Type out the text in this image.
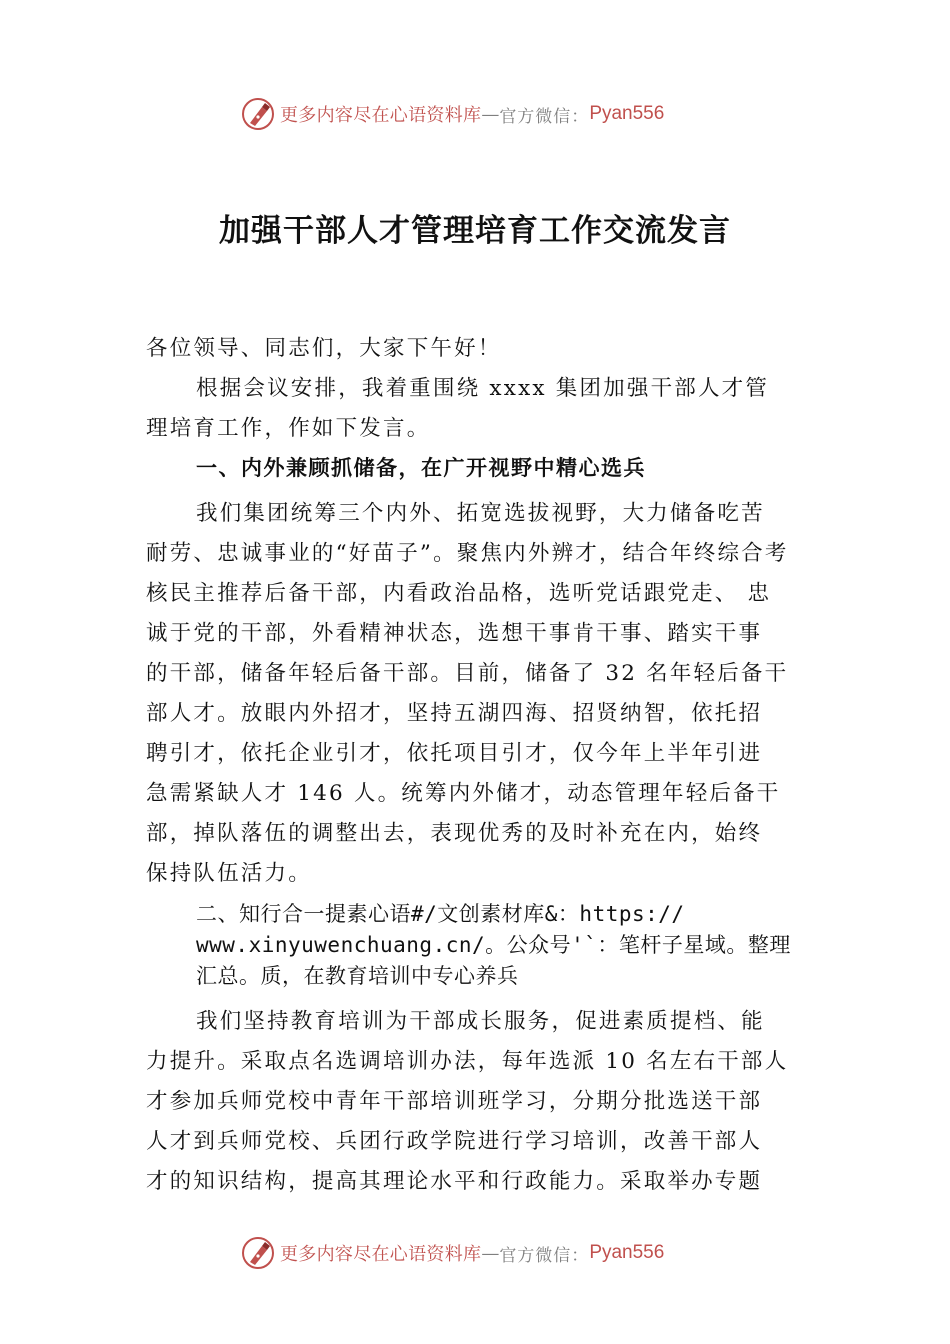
更多内容尽在心语资料库 — 官方微信： Pyan556
加强干部人才管理培育工作交流发言
各位领导、同志们，大家下午好！
根据会议安排，我着重围绕 xxxx 集团加强干部人才管
理培育工作，作如下发言。
一、内外兼顾抓储备，在广开视野中精心选兵
我们集团统筹三个内外、拓宽选拔视野，大力储备吃苦
耐劳、忠诚事业的“好苗子”。聚焦内外辨才，结合年终综合考
核民主推荐后备干部，内看政治品格，选听党话跟党走、 忠
诚于党的干部，外看精神状态，选想干事肯干事、踏实干事
的干部，储备年轻后备干部。目前，储备了 32 名年轻后备干
部人才。放眼内外招才，坚持五湖四海、招贤纳智，依托招
聘引才，依托企业引才，依托项目引才，仅今年上半年引进
急需紧缺人才 146 人。统筹内外储才，动态管理年轻后备干
部，掉队落伍的调整出去，表现优秀的及时补充在内，始终
保持队伍活力。
二、知行合一提素心语#/文创素材库&：https://
www.xinyuwenchuang.cn/。公众号'`：笔杆子星域。整理
汇总。质，在教育培训中专心养兵
我们坚持教育培训为干部成长服务，促进素质提档、能
力提升。采取点名选调培训办法，每年选派 10 名左右干部人
才参加兵师党校中青年干部培训班学习，分期分批选送干部
人才到兵师党校、兵团行政学院进行学习培训，改善干部人
才的知识结构，提高其理论水平和行政能力。采取举办专题
更多内容尽在心语资料库 — 官方微信： Pyan556
